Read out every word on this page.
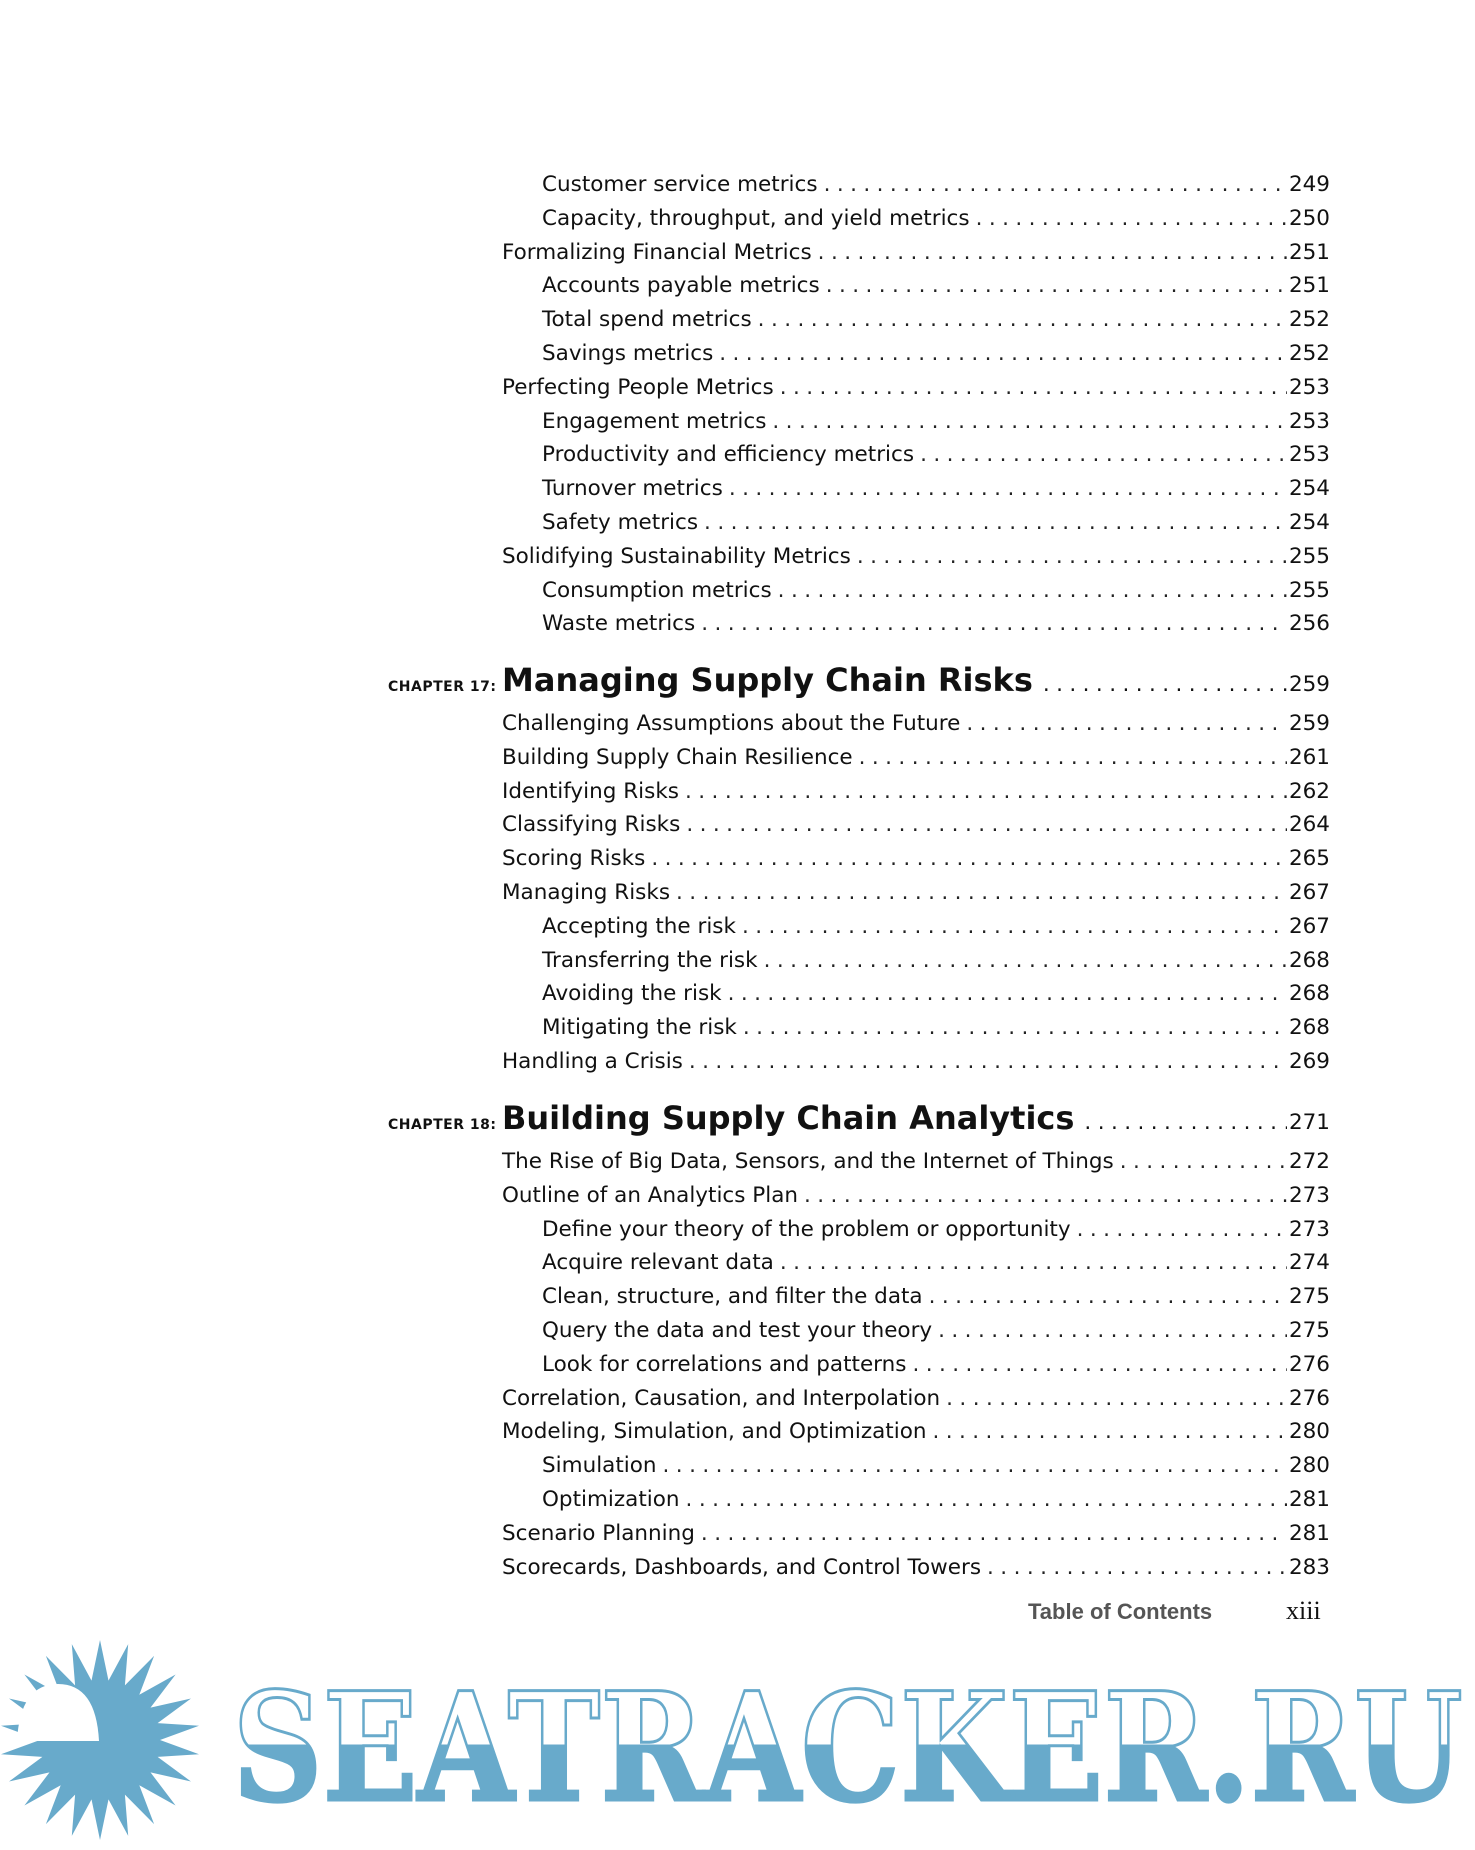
Customer service metrics . . .	249
Capacity, throughput, and yield metrics . . .	250
Formalizing Financial Metrics . . .	251
Accounts payable metrics . . .	251
Total spend metrics . . .	252
Savings metrics . . .	252
Perfecting People Metrics . . .	253
Engagement metrics . . .	253
Productivity and efficiency metrics . . .	253
Turnover metrics . . .	254
Safety metrics . . .	254
Solidifying Sustainability Metrics . . .	255
Consumption metrics . . .	255
Waste metrics . . .	256
CHAPTER 17: Managing Supply Chain Risks . . .	259
Challenging Assumptions about the Future . . .	259
Building Supply Chain Resilience . . .	261
Identifying Risks . . .	262
Classifying Risks . . .	264
Scoring Risks . . .	265
Managing Risks . . .	267
Accepting the risk . . .	267
Transferring the risk . . .	268
Avoiding the risk . . .	268
Mitigating the risk . . .	268
Handling a Crisis . . .	269
CHAPTER 18: Building Supply Chain Analytics . . .	271
The Rise of Big Data, Sensors, and the Internet of Things . . .	272
Outline of an Analytics Plan . . .	273
Define your theory of the problem or opportunity . . .	273
Acquire relevant data . . .	274
Clean, structure, and filter the data . . .	275
Query the data and test your theory . . .	275
Look for correlations and patterns . . .	276
Correlation, Causation, and Interpolation . . .	276
Modeling, Simulation, and Optimization . . .	280
Simulation . . .	280
Optimization . . .	281
Scenario Planning . . .	281
Scorecards, Dashboards, and Control Towers . . .	283
Table of Contents	xiii
SEATRACKER.RU
